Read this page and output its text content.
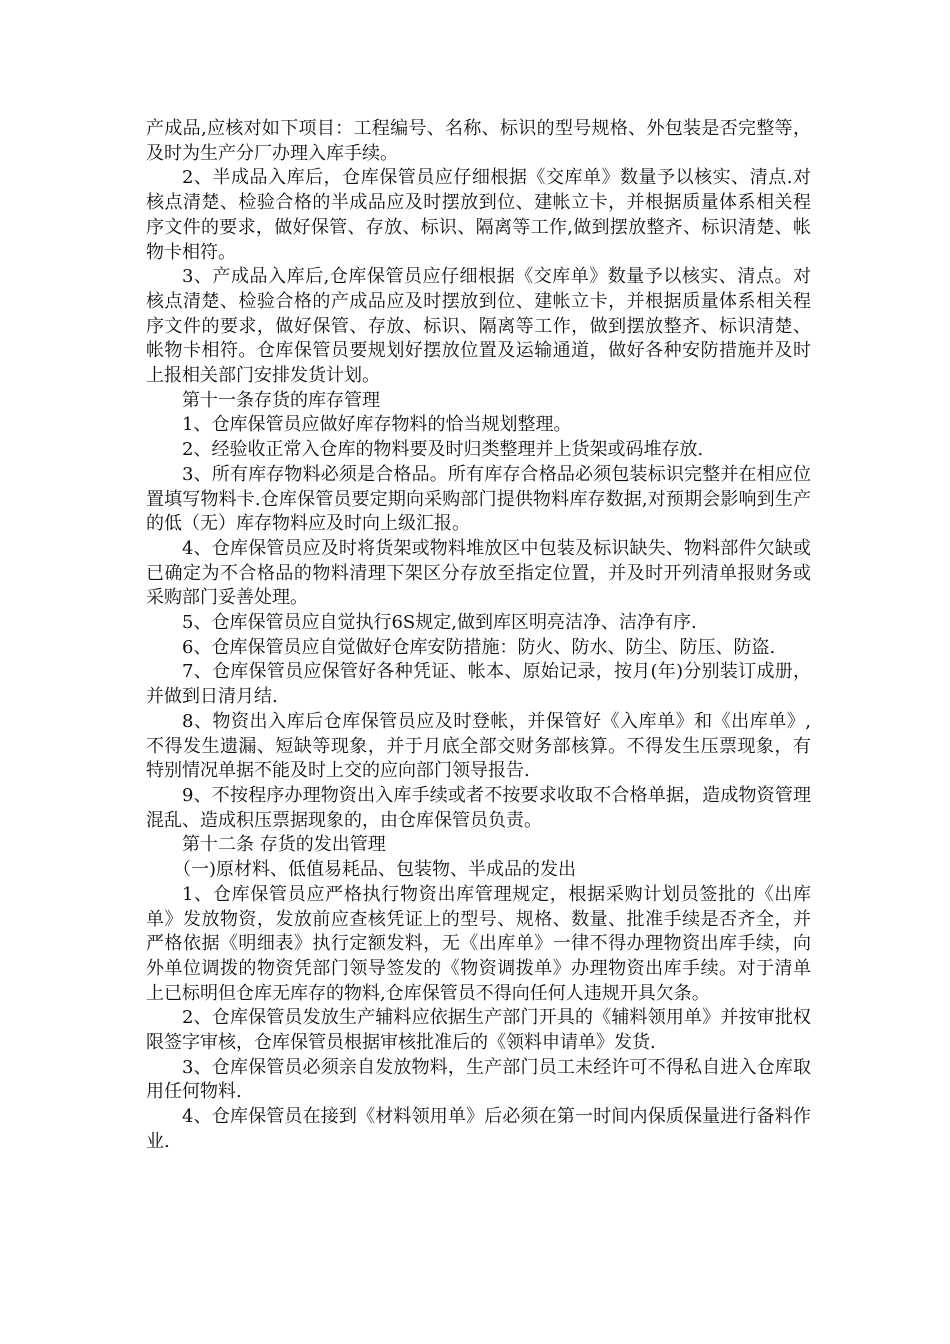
产成品,应核对如下项目：工程编号、名称、标识的型号规格、外包装是否完整等，及时为生产分厂办理入库手续。

2、半成品入库后，仓库保管员应仔细根据《交库单》数量予以核实、清点.对核点清楚、检验合格的半成品应及时摆放到位、建帐立卡，并根据质量体系相关程序文件的要求，做好保管、存放、标识、隔离等工作,做到摆放整齐、标识清楚、帐物卡相符。

3、产成品入库后,仓库保管员应仔细根据《交库单》数量予以核实、清点。对核点清楚、检验合格的产成品应及时摆放到位、建帐立卡，并根据质量体系相关程序文件的要求，做好保管、存放、标识、隔离等工作，做到摆放整齐、标识清楚、帐物卡相符。仓库保管员要规划好摆放位置及运输通道，做好各种安防措施并及时上报相关部门安排发货计划。

第十一条存货的库存管理

1、仓库保管员应做好库存物料的恰当规划整理。

2、经验收正常入仓库的物料要及时归类整理并上货架或码堆存放.

3、所有库存物料必须是合格品。所有库存合格品必须包装标识完整并在相应位置填写物料卡.仓库保管员要定期向采购部门提供物料库存数据,对预期会影响到生产的低（无）库存物料应及时向上级汇报。

4、仓库保管员应及时将货架或物料堆放区中包装及标识缺失、物料部件欠缺或已确定为不合格品的物料清理下架区分存放至指定位置，并及时开列清单报财务或采购部门妥善处理。

5、仓库保管员应自觉执行6S规定,做到库区明亮洁净、洁净有序.

6、仓库保管员应自觉做好仓库安防措施：防火、防水、防尘、防压、防盗.

7、仓库保管员应保管好各种凭证、帐本、原始记录，按月(年)分别装订成册，并做到日清月结.

8、物资出入库后仓库保管员应及时登帐，并保管好《入库单》和《出库单》,不得发生遗漏、短缺等现象，并于月底全部交财务部核算。不得发生压票现象，有特别情况单据不能及时上交的应向部门领导报告.

9、不按程序办理物资出入库手续或者不按要求收取不合格单据，造成物资管理混乱、造成积压票据现象的，由仓库保管员负责。

第十二条 存货的发出管理

（一)原材料、低值易耗品、包装物、半成品的发出

1、仓库保管员应严格执行物资出库管理规定，根据采购计划员签批的《出库单》发放物资，发放前应查核凭证上的型号、规格、数量、批准手续是否齐全，并严格依据《明细表》执行定额发料，无《出库单》一律不得办理物资出库手续，向外单位调拨的物资凭部门领导签发的《物资调拨单》办理物资出库手续。对于清单上已标明但仓库无库存的物料,仓库保管员不得向任何人违规开具欠条。

2、仓库保管员发放生产辅料应依据生产部门开具的《辅料领用单》并按审批权限签字审核，仓库保管员根据审核批准后的《领料申请单》发货.

3、仓库保管员必须亲自发放物料，生产部门员工未经许可不得私自进入仓库取用任何物料.

4、仓库保管员在接到《材料领用单》后必须在第一时间内保质保量进行备料作业.
